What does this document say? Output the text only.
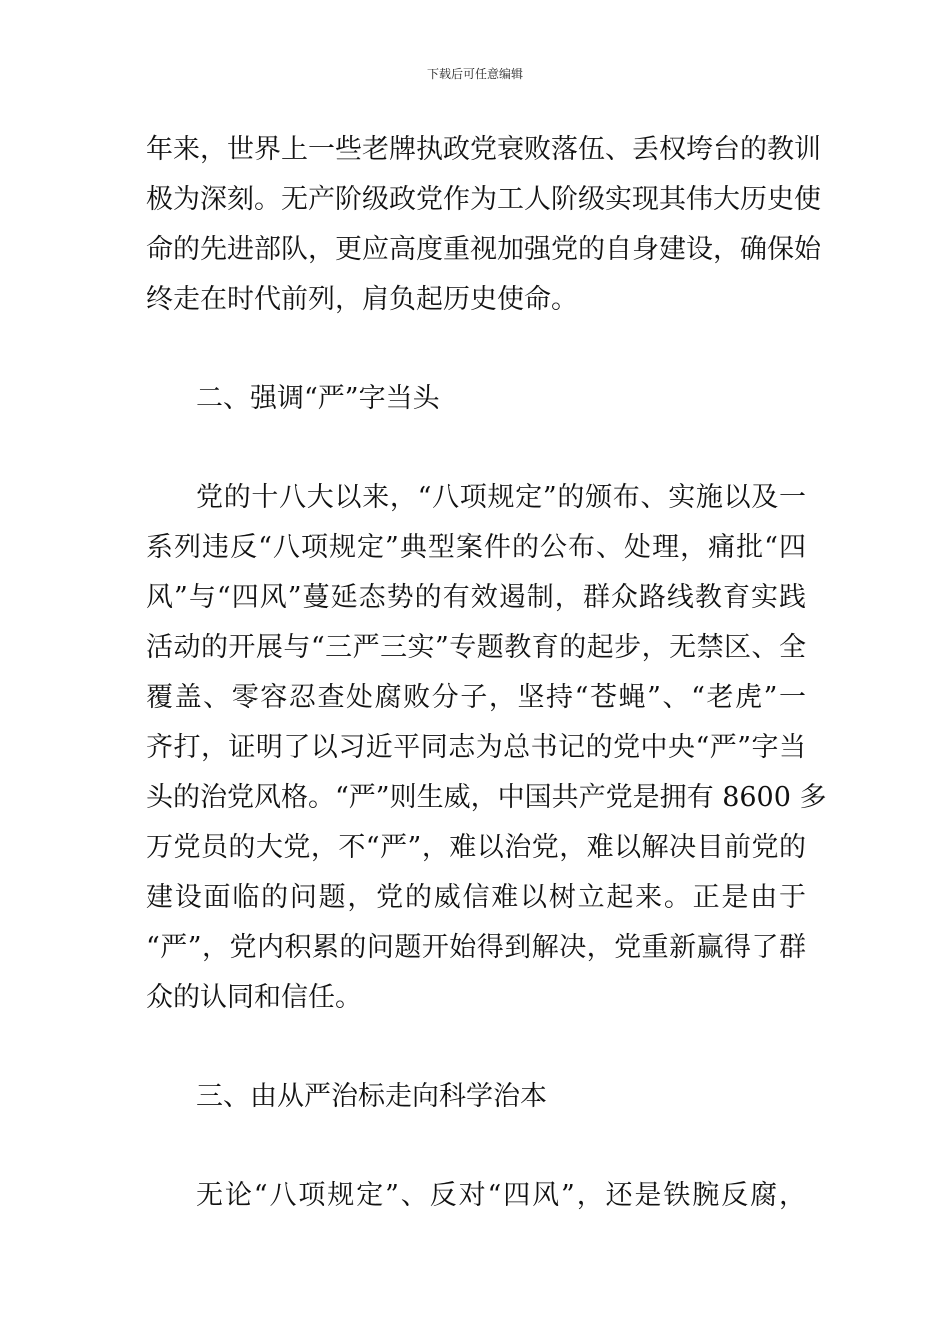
下载后可任意编辑
年来，世界上一些老牌执政党衰败落伍、丢权垮台的教训
极为深刻。无产阶级政党作为工人阶级实现其伟大历史使
命的先进部队，更应高度重视加强党的自身建设，确保始
终走在时代前列，肩负起历史使命。
二、强调“严”字当头
党的十八大以来，“八项规定”的颁布、实施以及一
系列违反“八项规定”典型案件的公布、处理，痛批“四
风”与“四风”蔓延态势的有效遏制，群众路线教育实践
活动的开展与“三严三实”专题教育的起步，无禁区、全
覆盖、零容忍查处腐败分子，坚持“苍蝇”、“老虎”一
齐打，证明了以习近平同志为总书记的党中央“严”字当
头的治党风格。“严”则生威，中国共产党是拥有 8600 多
万党员的大党，不“严”，难以治党，难以解决目前党的
建设面临的问题，党的威信难以树立起来。正是由于
“严”，党内积累的问题开始得到解决，党重新赢得了群
众的认同和信任。
三、由从严治标走向科学治本
无论“八项规定”、反对“四风”，还是铁腕反腐，
